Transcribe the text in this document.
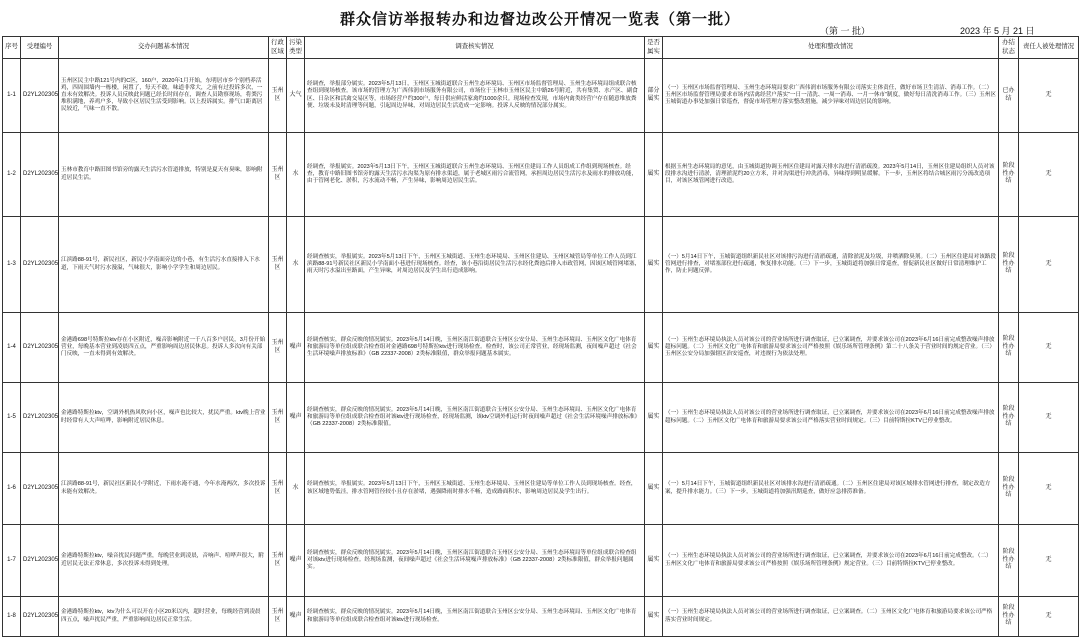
群众信访举报转办和边督边改公开情况一览表（第一批）
（第 一 批）	2023 年 5 月 21 日
序号	受理编号	交办问题基本情况	行政区域	污染类型	调查核实情况	是否属实	处理和整改情况	办结状态	责任人被处理情况
1-1	D2YL202305	玉州区民主中路121号内的C区，160户，2020年1月开始，东明居市乡个别档养活鸡，四周围墙内一栋楼，闲置了，每天不敢。味道非常大，之前有过投诉多次，一直未有效解决。投诉人员反映此问题已经长时间存在，调查人员勘察现场，将粪污堆积满地，养鸡户多，导致小区居民生活受到影响。以上投诉属实。排气口距离居民较近，气味一直不散。	玉州区	大气	经调查，举报部分属实。2023年5月13日，玉州区玉城街道联合玉州生态环境局、玉州区市场监督管理局、玉州生态环境局组成联合核查组到现场核查。该市场的管理方为广西伟润市场服务有限公司，市场位于玉林市玉州区民主中路26号附近，共有集贸、水产区、副食区、日杂区和活禽交易区等，市场经营户约300户，每日供应鲜活家禽约1000余只。现场检查发现，市场内禽类经营户存在随意堆放粪便、垃圾未及时清理等问题，引起周边异味，对周边居民生活造成一定影响。投诉人反映的情况部分属实。	部分属实	（一）玉州区市场监督管理局、玉州生态环境局要求广西伟润市场服务有限公司落实主体责任，做好市场卫生清洁、消毒工作。（二）玉州区市场监督管理局要求市场内活禽经营户落实“一日一清洗、一周一消毒、一月一休市”制度，做好每日清洗消毒工作。（三）玉州区玉城街道办事处加强日常巡查，督促市场管理方落实整改措施，减少异味对周边居民的影响。	已办结	无
1-2	D2YL202305	玉林市教育中路旧图书馆旁的露天生活污水管道排放，特别是夏天有臭味，影响附近居民生活。	玉州区	水	经调查，举报属实。2023年5月13日下午，玉州区玉城街道联合玉州生态环境局、玉州区住建局工作人员组成工作组到现场核查。经查，教育中路旧图书馆旁的露天生活污水沟渠为原有排水渠道，属于老城区雨污合流管网，承担周边居民生活污水及雨水的排放功能，由于管网老化、淤积，污水流动不畅，产生异味，影响周边居民生活。	属实	根据玉州生态环境局的意见，由玉城街道协调玉州区住建局对露天排水沟进行清淤疏浚。2023年5月14日，玉州区住建局组织人员对该段排水沟进行清淤，清理淤泥约20立方米，并对沟渠进行冲洗消毒，异味得到明显缓解。下一步，玉州区将结合城区雨污分流改造项目，对该区域管网进行改造。	阶段性办结	无
1-3	D2YL202305	江滨路88-91号，新民社区，新民小学南面旁边的小巷，有生活污水直接排入下水道，下雨天气时污水漫溢，气味很大，影响小学学生和周边居民。	玉州区	水	经调查核实，举报属实。2023年5月13日下午，玉州区玉城街道、玉州生态环境局、玉州区住建局、玉州区城管局等单位工作人员到江滨路88-91号新民社区新民小学南面小巷进行现场核查。经查，该小巷沿街居民生活污水经化粪池后排入市政管网，因该区域管网堵塞，雨天时污水溢出至路面，产生异味，对周边居民及学生出行造成影响。	属实	（一）5月14日下午，玉城街道组织新民社区对该排污沟进行清淤疏通，清除淤泥及垃圾，并喷洒除臭剂。（二）玉州区住建局对该路段管网进行排查，对堵塞部位进行疏通，恢复排水功能。（三）下一步，玉城街道将加强日常巡查，督促新民社区做好日常清理维护工作，防止问题反弹。	阶段性办结	无
1-4	D2YL202305	金港路698号特斯拉ktv存在小区附近，噪音影响附近一千八百多户居民，3月份开始营业，每晚基本营业到凌晨四五点，严重影响周边居民休息。投诉人多次向有关部门反映，一直未得到有效解决。	玉州区	噪声	经调查核实，群众反映的情况属实。2023年5月14日晚，玉州区南江街道联合玉州区公安分局、玉州生态环境局、玉州区文化广电体育和旅游局等单位组成联合检查组对金港路698号特斯拉ktv进行现场检查。检查时，该公司正常营业，经现场监测，夜间噪声超过《社会生活环境噪声排放标准》（GB 22337-2008）2类标准限值，群众举报问题基本属实。	属实	（一）玉州生态环境局执法人员对该公司的营业场所进行调查取证，已立案调查，并要求该公司在2023年6月16日前完成整改噪声排放超标问题。（二）玉州区文化广电体育和旅游局要求该公司严格按照《娱乐场所管理条例》第二十八条关于营业时间的规定营业。（三）玉州区公安分局加强辖区治安巡查，对违规行为依法处理。	阶段性办结	无
1-5	D2YL202305	金港路特斯拉ktv，空调外机热风吹向小区，噪声也比较大，扰民严重。ktv晚上营业时经常有人大声喧哗，影响附近居民休息。	玉州区	噪声	经调查核实，群众反映的情况属实。2023年5月14日晚，玉州区南江街道联合玉州区公安分局、玉州生态环境局、玉州区文化广电体育和旅游局等单位组成联合检查组对该ktv进行现场检查，经现场监测，该ktv空调外机运行时夜间噪声超过《社会生活环境噪声排放标准》（GB 22337-2008）2类标准限值。	属实	（一）玉州生态环境局执法人员对该公司的营业场所进行调查取证，已立案调查，并要求该公司在2023年6月16日前完成整改噪声排放超标问题。（二）玉州区文化广电体育和旅游局要求该公司严格落实营业时间规定。（三）目前特斯拉KTV已停业整改。	阶段性办结	无
1-6	D2YL202305	江滨路88-91号，新民社区新民小学附近，下雨水淹不通，今年水淹两次，多次投诉未能有效解决。	玉州区	水	经调查核实，举报属实。2023年5月13日下午，玉州区玉城街道、玉州生态环境局、玉州区住建局等单位工作人员到现场核查。经查，该区域地势低洼，排水管网管径较小且存在淤堵，遇强降雨时排水不畅，造成路面积水，影响周边居民及学生出行。	属实	（一）5月14日下午，玉城街道组织新民社区对该排水沟进行清淤疏通。（二）玉州区住建局对该区域排水管网进行排查，制定改造方案，提升排水能力。（三）下一步，玉城街道将加强汛期巡查，做好应急排涝准备。	阶段性办结	无
1-7	D2YL202305	金港路特斯拉ktv，噪音扰民问题严重，每晚营业到凌晨，音响声、喧哗声很大，附近居民无法正常休息，多次投诉未得到处理。	玉州区	噪声	经调查核实，群众反映的情况属实。2023年5月14日晚，玉州区南江街道联合玉州区公安分局、玉州生态环境局等单位组成联合检查组对该ktv进行现场检查。经现场监测，夜间噪声超过《社会生活环境噪声排放标准》（GB 22337-2008）2类标准限值，群众举报问题属实。	属实	（一）玉州生态环境局执法人员对该公司的营业场所进行调查取证，已立案调查，并要求该公司在2023年6月16日前完成整改。（二）玉州区文化广电体育和旅游局要求该公司严格按照《娱乐场所管理条例》规定营业。（三）目前特斯拉KTV已停业整改。	阶段性办结	无
1-8	D2YL202305	金港路特斯拉ktv，ktv为什么可以开在小区20米以内，超时营业，每晚经营到凌晨四五点，噪声扰民严重，严重影响周边居民正常生活。	玉州区	噪声	经调查核实，群众反映的情况属实。2023年5月14日晚，玉州区南江街道联合玉州区公安分局、玉州生态环境局、玉州区文化广电体育和旅游局等单位组成联合检查组对该ktv进行现场检查。	属实	（一）玉州生态环境局执法人员对该公司的营业场所进行调查取证，已立案调查。（二）玉州区文化广电体育和旅游局要求该公司严格落实营业时间规定。	阶段性办结	无
